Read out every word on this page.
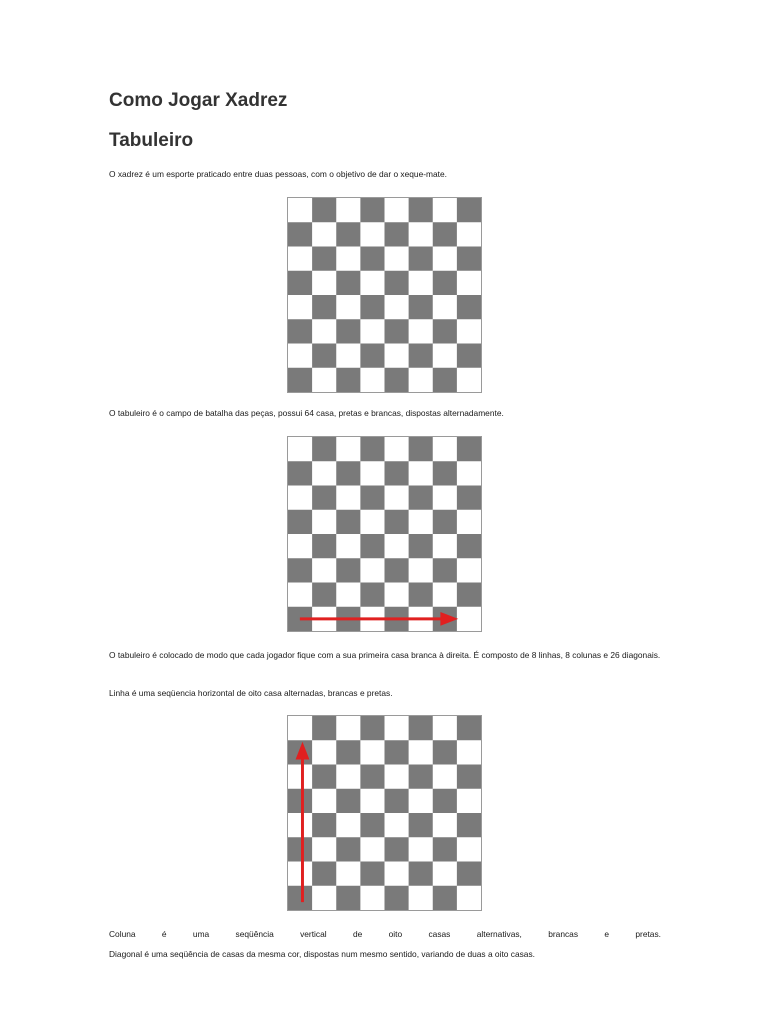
Como Jogar Xadrez
Tabuleiro

O xadrez é um esporte praticado entre duas pessoas, com o objetivo de dar o xeque-mate.

O tabuleiro é o campo de batalha das peças, possui 64 casa, pretas e brancas, dispostas alternadamente.

O tabuleiro é colocado de modo que cada jogador fique com a sua primeira casa branca à direita. É composto de 8 linhas, 8 colunas e 26 diagonais.

Linha é uma seqüencia horizontal de oito casa alternadas, brancas e pretas.

Coluna	é	uma	seqüência	vertical	de	oito	casas	alternativas,	brancas	e	pretas.

Diagonal é uma seqüência de casas da mesma cor, dispostas num mesmo sentido, variando de duas a oito casas.
